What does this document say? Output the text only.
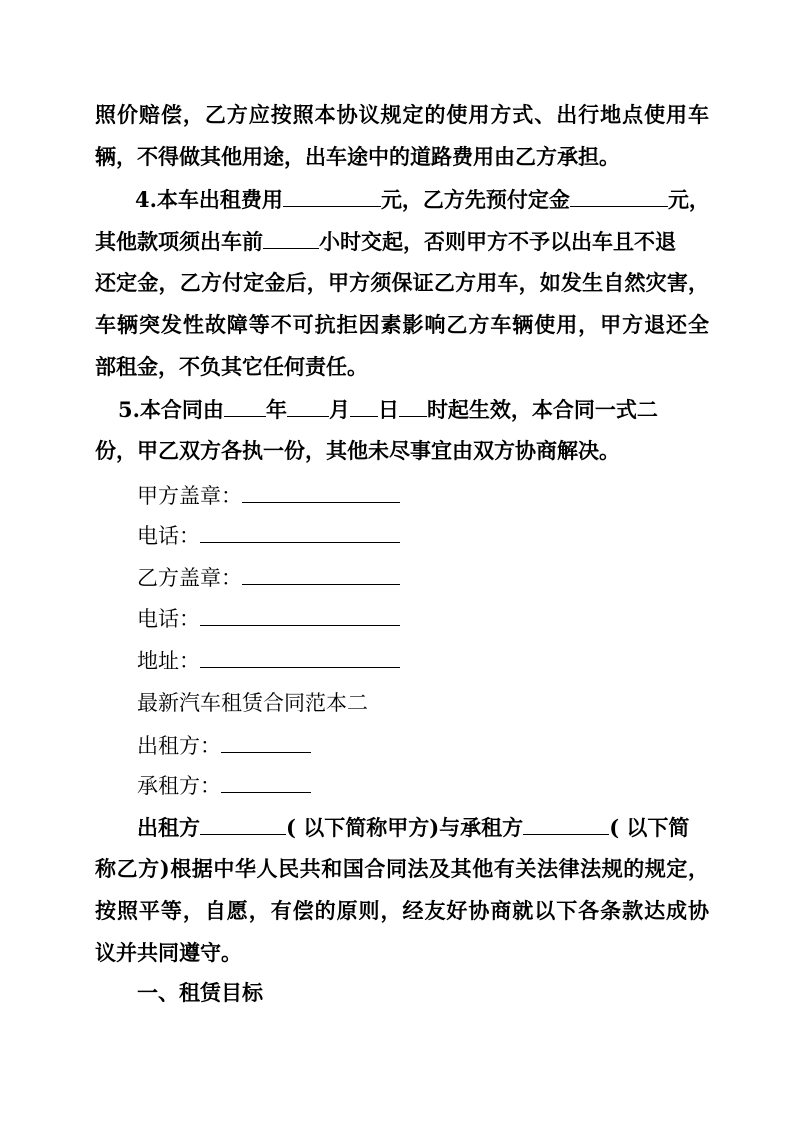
照价赔偿，乙方应按照本协议规定的使用方式、出行地点使用车
辆，不得做其他用途，出车途中的道路费用由乙方承担。
4.本车出租费用	元，乙方先预付定金	元，
其他款项须出车前	小时交起，否则甲方不予以出车且不退
还定金，乙方付定金后，甲方须保证乙方用车，如发生自然灾害，
车辆突发性故障等不可抗拒因素影响乙方车辆使用，甲方退还全
部租金，不负其它任何责任。
5.本合同由 年 月 日 时起生效，本合同一式二
份，甲乙双方各执一份，其他未尽事宜由双方协商解决。
甲方盖章：
电话：
乙方盖章：
电话：
地址：
最新汽车租赁合同范本二
出租方：
承租方：
出租方	( 以下简称甲方)与承租方	( 以下简
称乙方)根据中华人民共和国合同法及其他有关法律法规的规定，
按照平等，自愿，有偿的原则，经友好协商就以下各条款达成协
议并共同遵守。
一、租赁目标
